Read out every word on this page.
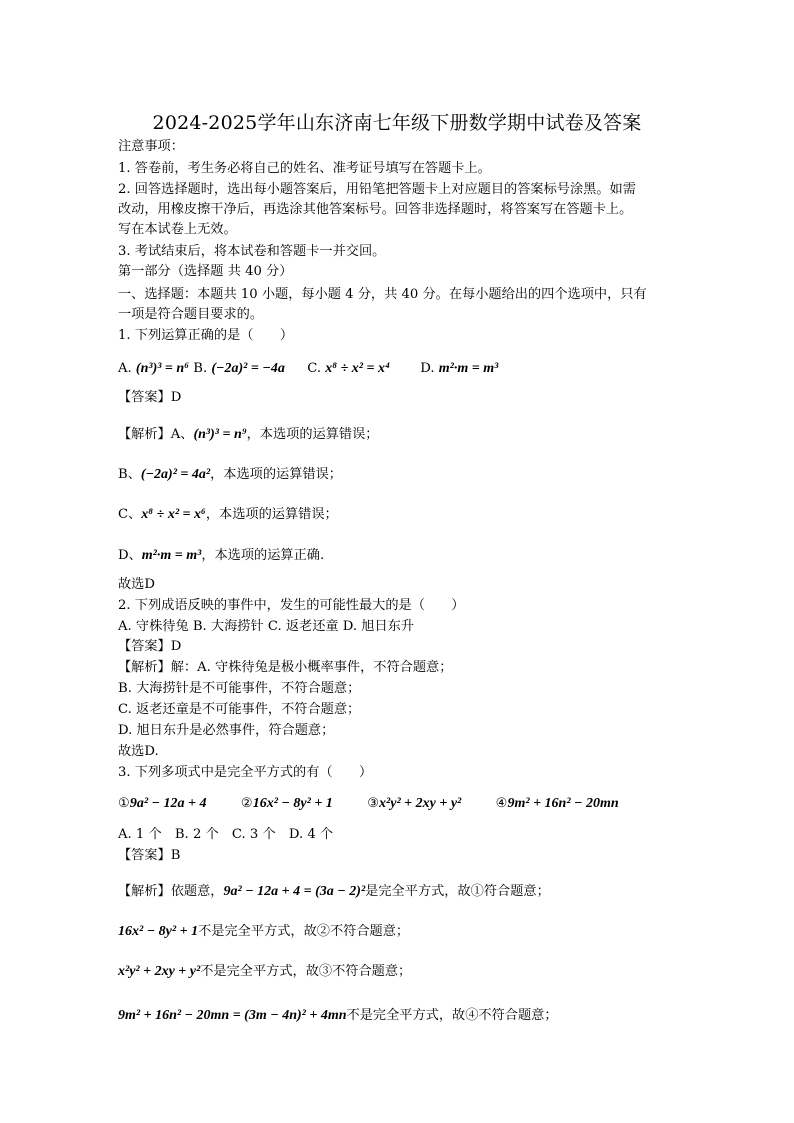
2024-2025学年山东济南七年级下册数学期中试卷及答案
注意事项：
1. 答卷前，考生务必将自己的姓名、准考证号填写在答题卡上。
2. 回答选择题时，选出每小题答案后，用铅笔把答题卡上对应题目的答案标号涂黑。如需
改动，用橡皮擦干净后，再选涂其他答案标号。回答非选择题时，将答案写在答题卡上。
写在本试卷上无效。
3. 考试结束后，将本试卷和答题卡一并交回。
第一部分（选择题 共 40 分）
一、选择题：本题共 10 小题，每小题 4 分，共 40 分。在每小题给出的四个选项中，只有
一项是符合题目要求的。
1. 下列运算正确的是（　　）
A. (n³)³ = n⁶ B. (−2a)² = −4a C. x⁸ ÷ x² = x⁴ D. m²·m = m³
【答案】D
【解析】A、(n³)³ = n⁹，本选项的运算错误；
B、(−2a)² = 4a²，本选项的运算错误；
C、x⁸ ÷ x² = x⁶，本选项的运算错误；
D、m²·m = m³，本选项的运算正确.
故选D
2. 下列成语反映的事件中，发生的可能性最大的是（　　）
A. 守株待兔 B. 大海捞针 C. 返老还童 D. 旭日东升
【答案】D
【解析】解：A. 守株待兔是极小概率事件，不符合题意；
B. 大海捞针是不可能事件，不符合题意；
C. 返老还童是不可能事件，不符合题意；
D. 旭日东升是必然事件，符合题意；
故选D.
3. 下列多项式中是完全平方式的有（　　）
①9a² − 12a + 4	②16x² − 8y² + 1	③x²y² + 2xy + y²	④9m² + 16n² − 20mn
A. 1 个　B. 2 个　C. 3 个　D. 4 个
【答案】B
【解析】依题意，9a² − 12a + 4 = (3a − 2)²是完全平方式，故①符合题意；
16x² − 8y² + 1不是完全平方式，故②不符合题意；
x²y² + 2xy + y²不是完全平方式，故③不符合题意；
9m² + 16n² − 20mn = (3m − 4n)² + 4mn不是完全平方式，故④不符合题意；
